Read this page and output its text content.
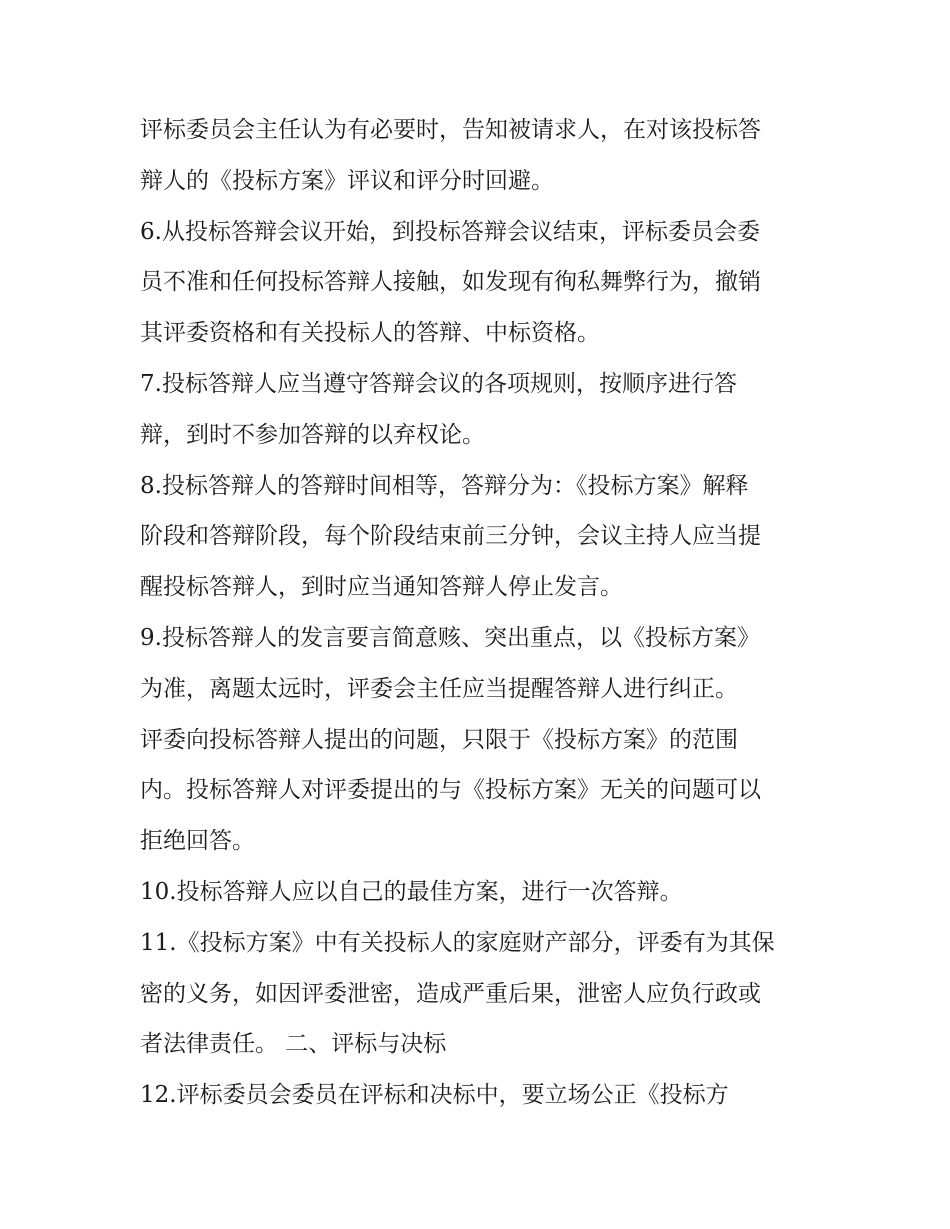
评标委员会主任认为有必要时，告知被请求人，在对该投标答
辩人的《投标方案》评议和评分时回避。
6.从投标答辩会议开始，到投标答辩会议结束，评标委员会委
员不准和任何投标答辩人接触，如发现有徇私舞弊行为，撤销
其评委资格和有关投标人的答辩、中标资格。
7.投标答辩人应当遵守答辩会议的各项规则，按顺序进行答
辩，到时不参加答辩的以弃权论。
8.投标答辩人的答辩时间相等，答辩分为：《投标方案》解释
阶段和答辩阶段，每个阶段结束前三分钟，会议主持人应当提
醒投标答辩人，到时应当通知答辩人停止发言。
9.投标答辩人的发言要言简意赅、突出重点，以《投标方案》
为准，离题太远时，评委会主任应当提醒答辩人进行纠正。
评委向投标答辩人提出的问题，只限于《投标方案》的范围
内。投标答辩人对评委提出的与《投标方案》无关的问题可以
拒绝回答。
10.投标答辩人应以自己的最佳方案，进行一次答辩。
11.《投标方案》中有关投标人的家庭财产部分，评委有为其保
密的义务，如因评委泄密，造成严重后果，泄密人应负行政或
者法律责任。 二、评标与决标
12.评标委员会委员在评标和决标中，要立场公正《投标方
